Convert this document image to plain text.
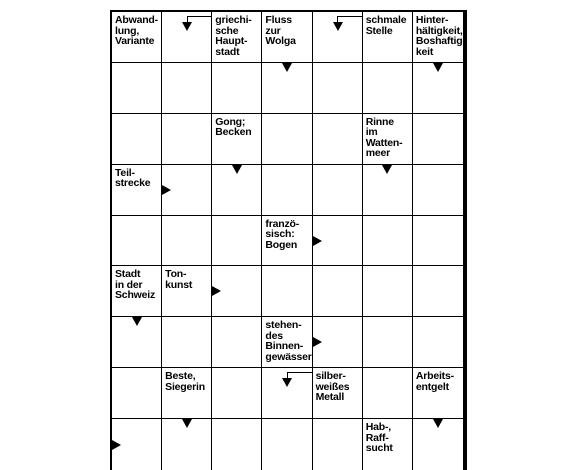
Abwand-
lung,
Variante
griechi-
sche
Haupt-
stadt
Fluss
zur
Wolga
schmale
Stelle
Hinter-
hältigkeit,
Boshaftig-
keit
Gong;
Becken
Rinne
im
Watten-
meer
Teil-
strecke
franzö-
sisch:
Bogen
Stadt
in der
Schweiz
Ton-
kunst
stehen-
des
Binnen-
gewässer
Beste,
Siegerin
silber-
weißes
Metall
Arbeits-
entgelt
Hab-,
Raff-
sucht
